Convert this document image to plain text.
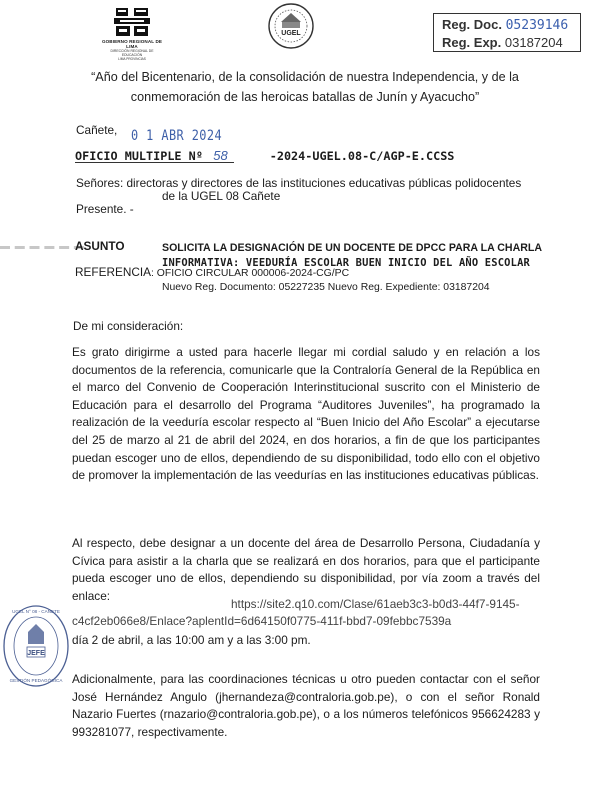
GOBIERNO REGIONAL DE LIMA
DIRECCIÓN REGIONAL DE EDUCACIÓN
LIMA PROVINCIAS
UGEL
Reg. Doc. 05239146
Reg. Exp. 03187204
“Año del Bicentenario, de la consolidación de nuestra Independencia, y de la conmemoración de las heroicas batallas de Junín y Ayacucho”
Cañete, 0 1 ABR 2024
OFICIO MULTIPLE Nº 58	-2024-UGEL.08-C/AGP-E.CCSS
Señores: directoras y directores de las instituciones educativas públicas polidocentes
de la UGEL 08 Cañete
Presente. -
▬ ▬ ▬ ▬ ▬ ▬
ASUNTO	SOLICITA LA DESIGNACIÓN DE UN DOCENTE DE DPCC PARA LA CHARLA
INFORMATIVA: VEEDURÍA ESCOLAR BUEN INICIO DEL AÑO ESCOLAR
REFERENCIA : OFICIO CIRCULAR 000006-2024-CG/PC
Nuevo Reg. Documento: 05227235 Nuevo Reg. Expediente: 03187204
De mi consideración:
Es grato dirigirme a usted para hacerle llegar mi cordial saludo y en relación a los documentos de la referencia, comunicarle que la Contraloría General de la República en el marco del Convenio de Cooperación Interinstitucional suscrito con el Ministerio de Educación para el desarrollo del Programa “Auditores Juveniles”, ha programado la realización de la veeduría escolar respecto al “Buen Inicio del Año Escolar” a ejecutarse del 25 de marzo al 21 de abril del 2024, en dos horarios, a fin de que los participantes puedan escoger uno de ellos, dependiendo de su disponibilidad, todo ello con el objetivo de promover la implementación de las veedurías en las instituciones educativas públicas.
Al respecto, debe designar a un docente del área de Desarrollo Persona, Ciudadanía y Cívica para asistir a la charla que se realizará en dos horarios, para que el participante pueda escoger uno de ellos, dependiendo su disponibilidad, por vía zoom a través del enlace:
https://site2.q10.com/Clase/61aeb3c3-b0d3-44f7-9145-
c4cf2eb066e8/Enlace?aplentId=6d64150f0775-411f-bbd7-09febbc7539a
día 2 de abril, a las 10:00 am y a las 3:00 pm.
Adicionalmente, para las coordinaciones técnicas u otro pueden contactar con el señor José Hernández Angulo (jhernandeza@contraloria.gob.pe), o con el señor Ronald Nazario Fuertes (rnazario@contraloria.gob.pe), o a los números telefónicos 956624283 y 993281077, respectivamente.
JEFE
UGEL N° 08 - CAÑETE
GESTIÓN PEDAGÓGICA
